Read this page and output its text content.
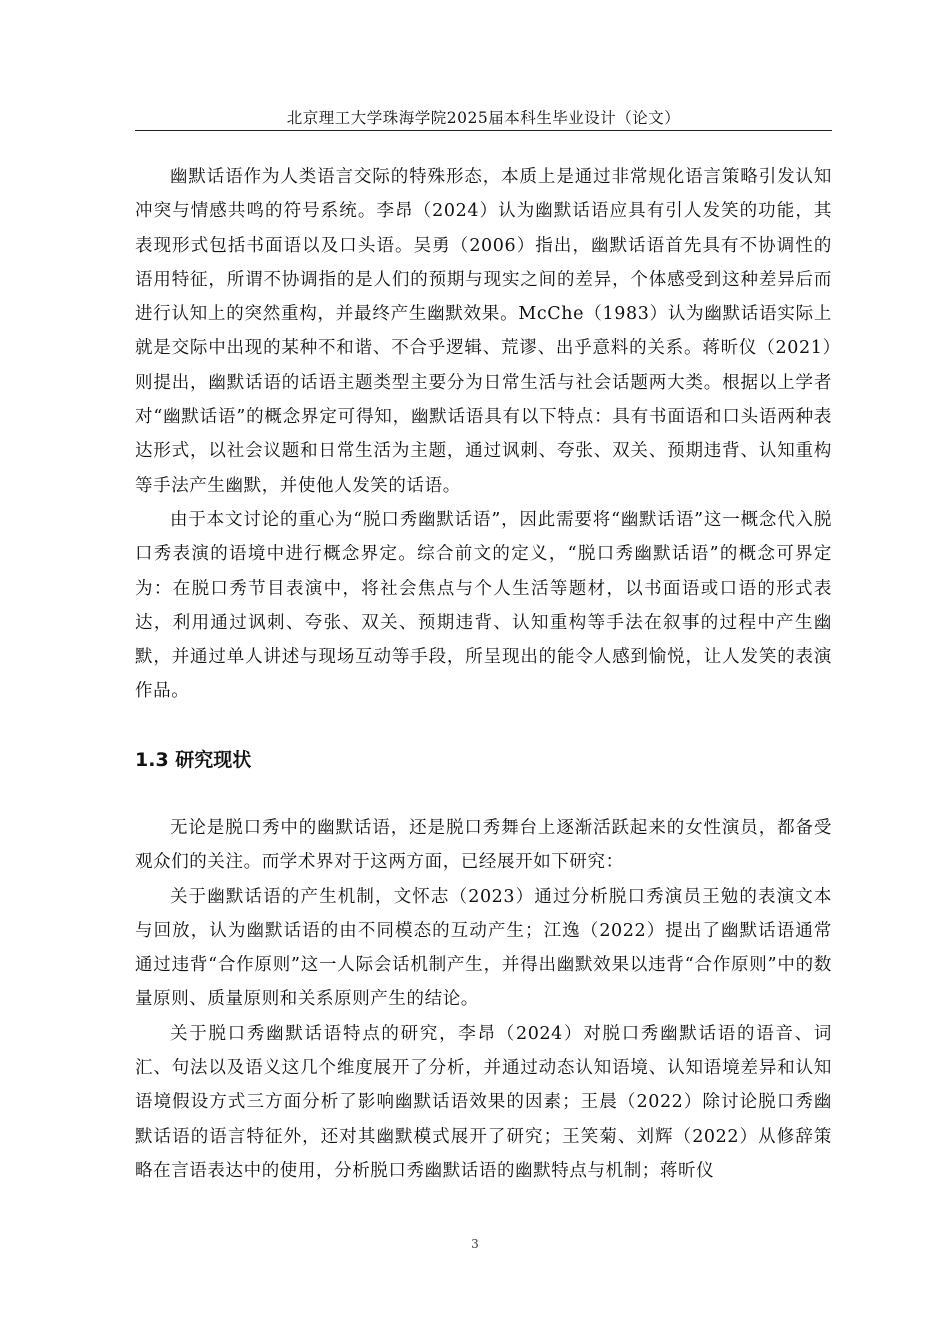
北京理工大学珠海学院2025届本科生毕业设计（论文）

幽默话语作为人类语言交际的特殊形态，本质上是通过非常规化语言策略引发认知冲突与情感共鸣的符号系统。李昂（2024）认为幽默话语应具有引人发笑的功能，其表现形式包括书面语以及口头语。吴勇（2006）指出，幽默话语首先具有不协调性的语用特征，所谓不协调指的是人们的预期与现实之间的差异，个体感受到这种差异后而进行认知上的突然重构，并最终产生幽默效果。McChe（1983）认为幽默话语实际上就是交际中出现的某种不和谐、不合乎逻辑、荒谬、出乎意料的关系。蒋昕仪（2021）则提出，幽默话语的话语主题类型主要分为日常生活与社会话题两大类。根据以上学者对“幽默话语”的概念界定可得知，幽默话语具有以下特点：具有书面语和口头语两种表达形式，以社会议题和日常生活为主题，通过讽刺、夸张、双关、预期违背、认知重构等手法产生幽默，并使他人发笑的话语。

由于本文讨论的重心为“脱口秀幽默话语”，因此需要将“幽默话语”这一概念代入脱口秀表演的语境中进行概念界定。综合前文的定义，“脱口秀幽默话语”的概念可界定为：在脱口秀节目表演中，将社会焦点与个人生活等题材，以书面语或口语的形式表达，利用通过讽刺、夸张、双关、预期违背、认知重构等手法在叙事的过程中产生幽默，并通过单人讲述与现场互动等手段，所呈现出的能令人感到愉悦，让人发笑的表演作品。

1.3 研究现状

无论是脱口秀中的幽默话语，还是脱口秀舞台上逐渐活跃起来的女性演员，都备受观众们的关注。而学术界对于这两方面，已经展开如下研究：

关于幽默话语的产生机制，文怀志（2023）通过分析脱口秀演员王勉的表演文本与回放，认为幽默话语的由不同模态的互动产生；江逸（2022）提出了幽默话语通常通过违背“合作原则”这一人际会话机制产生，并得出幽默效果以违背“合作原则”中的数量原则、质量原则和关系原则产生的结论。

关于脱口秀幽默话语特点的研究，李昂（2024）对脱口秀幽默话语的语音、词汇、句法以及语义这几个维度展开了分析，并通过动态认知语境、认知语境差异和认知语境假设方式三方面分析了影响幽默话语效果的因素；王晨（2022）除讨论脱口秀幽默话语的语言特征外，还对其幽默模式展开了研究；王笑菊、刘辉（2022）从修辞策略在言语表达中的使用，分析脱口秀幽默话语的幽默特点与机制；蒋昕仪

3
